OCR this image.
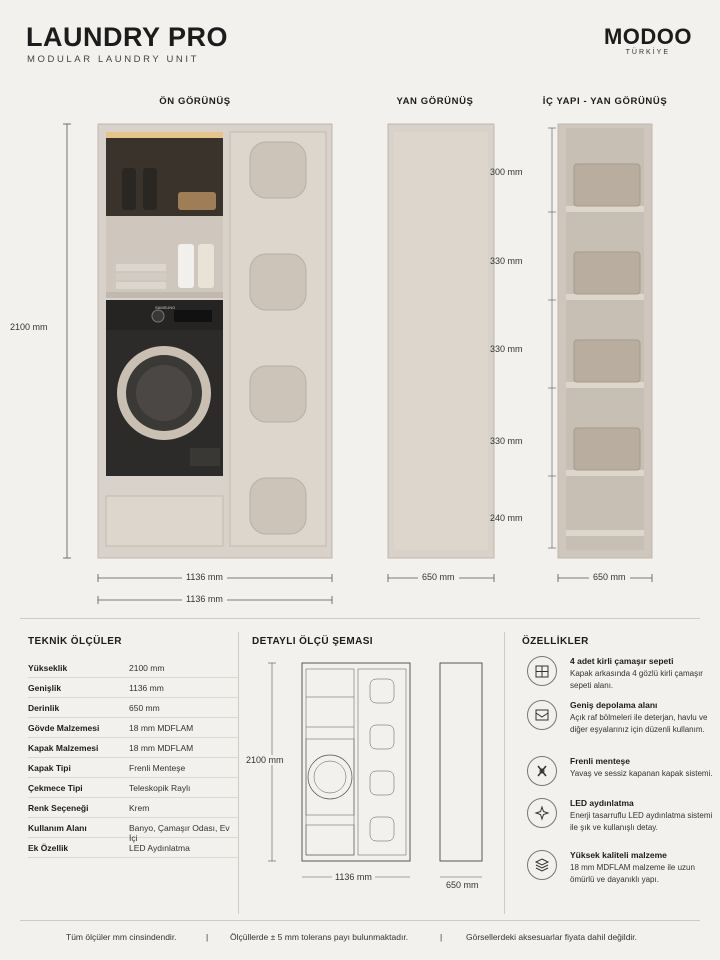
LAUNDRY PRO
MODULAR LAUNDRY UNIT
MODOO
TÜRKİYE
ÖN GÖRÜNÜŞ	YAN GÖRÜNÜŞ	İÇ YAPI - YAN GÖRÜNÜŞ
2100 mm
1136 mm
1136 mm
SAMSUNG
650 mm
300 mm
330 mm
330 mm
330 mm
240 mm
650 mm
TEKNİK ÖLÇÜLER
Yükseklik	2100 mm
Genişlik	1136 mm
Derinlik	650 mm
Gövde Malzemesi	18 mm MDFLAM
Kapak Malzemesi	18 mm MDFLAM
Kapak Tipi	Frenli Menteşe
Çekmece Tipi	Teleskopik Raylı
Renk Seçeneği	Krem
Kullanım Alanı	Banyo, Çamaşır Odası, Ev İçi
Ek Özellik	LED Aydınlatma
DETAYLI ÖLÇÜ ŞEMASI
2100 mm
1136 mm
650 mm
ÖZELLİKLER
4 adet kirli çamaşır sepeti
Kapak arkasında 4 gözlü kirli çamaşır sepeti alanı.
Geniş depolama alanı
Açık raf bölmeleri ile deterjan, havlu ve diğer eşyalarınız için düzenli kullanım.
Frenli menteşe
Yavaş ve sessiz kapanan kapak sistemi.
LED aydınlatma
Enerji tasarruflu LED aydınlatma sistemi ile şık ve kullanışlı detay.
Yüksek kaliteli malzeme
18 mm MDFLAM malzeme ile uzun ömürlü ve dayanıklı yapı.
Tüm ölçüler mm cinsindendir.	|	Ölçüllerde ± 5 mm tolerans payı bulunmaktadır.	|	Görsellerdeki aksesuarlar fiyata dahil değildir.
